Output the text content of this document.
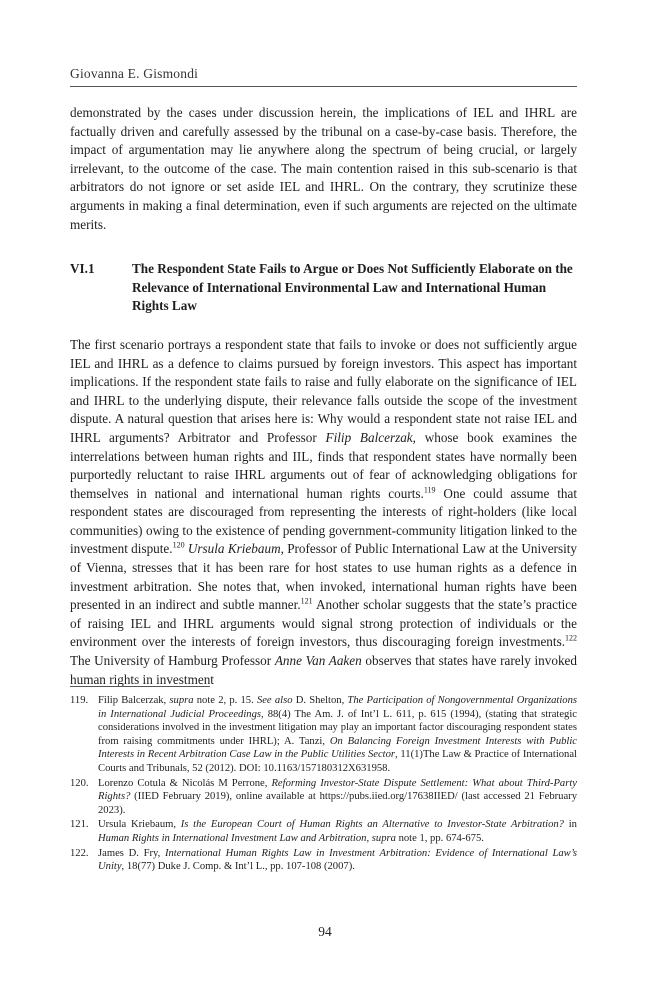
Giovanna E. Gismondi

demonstrated by the cases under discussion herein, the implications of IEL and IHRL are factually driven and carefully assessed by the tribunal on a case-by-case basis. Therefore, the impact of argumentation may lie anywhere along the spectrum of being crucial, or largely irrelevant, to the outcome of the case. The main contention raised in this sub-scenario is that arbitrators do not ignore or set aside IEL and IHRL. On the contrary, they scrutinize these arguments in making a final determination, even if such arguments are rejected on the ultimate merits.

VI.1	The Respondent State Fails to Argue or Does Not Sufficiently Elaborate on the Relevance of International Environmental Law and International Human Rights Law

The first scenario portrays a respondent state that fails to invoke or does not sufficiently argue IEL and IHRL as a defence to claims pursued by foreign investors. This aspect has important implications. If the respondent state fails to raise and fully elaborate on the significance of IEL and IHRL to the underlying dispute, their relevance falls outside the scope of the investment dispute. A natural question that arises here is: Why would a respondent state not raise IEL and IHRL arguments? Arbitrator and Professor Filip Balcerzak, whose book examines the interrelations between human rights and IIL, finds that respondent states have normally been purportedly reluctant to raise IHRL arguments out of fear of acknowledging obligations for themselves in national and international human rights courts.$^{119}$ One could assume that respondent states are discouraged from representing the interests of right-holders (like local communities) owing to the existence of pending government-community litigation linked to the investment dispute.$^{120}$ Ursula Kriebaum, Professor of Public International Law at the University of Vienna, stresses that it has been rare for host states to use human rights as a defence in investment arbitration. She notes that, when invoked, international human rights have been presented in an indirect and subtle manner.$^{121}$ Another scholar suggests that the state’s practice of raising IEL and IHRL arguments would signal strong protection of individuals or the environment over the interests of foreign investors, thus discouraging foreign investments.$^{122}$ The University of Hamburg Professor Anne Van Aaken observes that states have rarely invoked human rights in investment

119. Filip Balcerzak, supra note 2, p. 15. See also D. Shelton, The Participation of Nongovernmental Organizations in International Judicial Proceedings, 88(4) The Am. J. of Int’l L. 611, p. 615 (1994), (stating that strategic considerations involved in the investment litigation may play an important factor discouraging respondent states from raising commitments under IHRL); A. Tanzi, On Balancing Foreign Investment Interests with Public Interests in Recent Arbitration Case Law in the Public Utilities Sector, 11(1)The Law & Practice of International Courts and Tribunals, 52 (2012). DOI: 10.1163/157180312X631958.
120. Lorenzo Cotula & Nicolás M Perrone, Reforming Investor-State Dispute Settlement: What about Third-Party Rights? (IIED February 2019), online available at https://pubs.iied.org/17638IIED/ (last accessed 21 February 2023).
121. Ursula Kriebaum, Is the European Court of Human Rights an Alternative to Investor-State Arbitration? in Human Rights in International Investment Law and Arbitration, supra note 1, pp. 674-675.
122. James D. Fry, International Human Rights Law in Investment Arbitration: Evidence of International Law’s Unity, 18(77) Duke J. Comp. & Int’l L., pp. 107-108 (2007).
94
